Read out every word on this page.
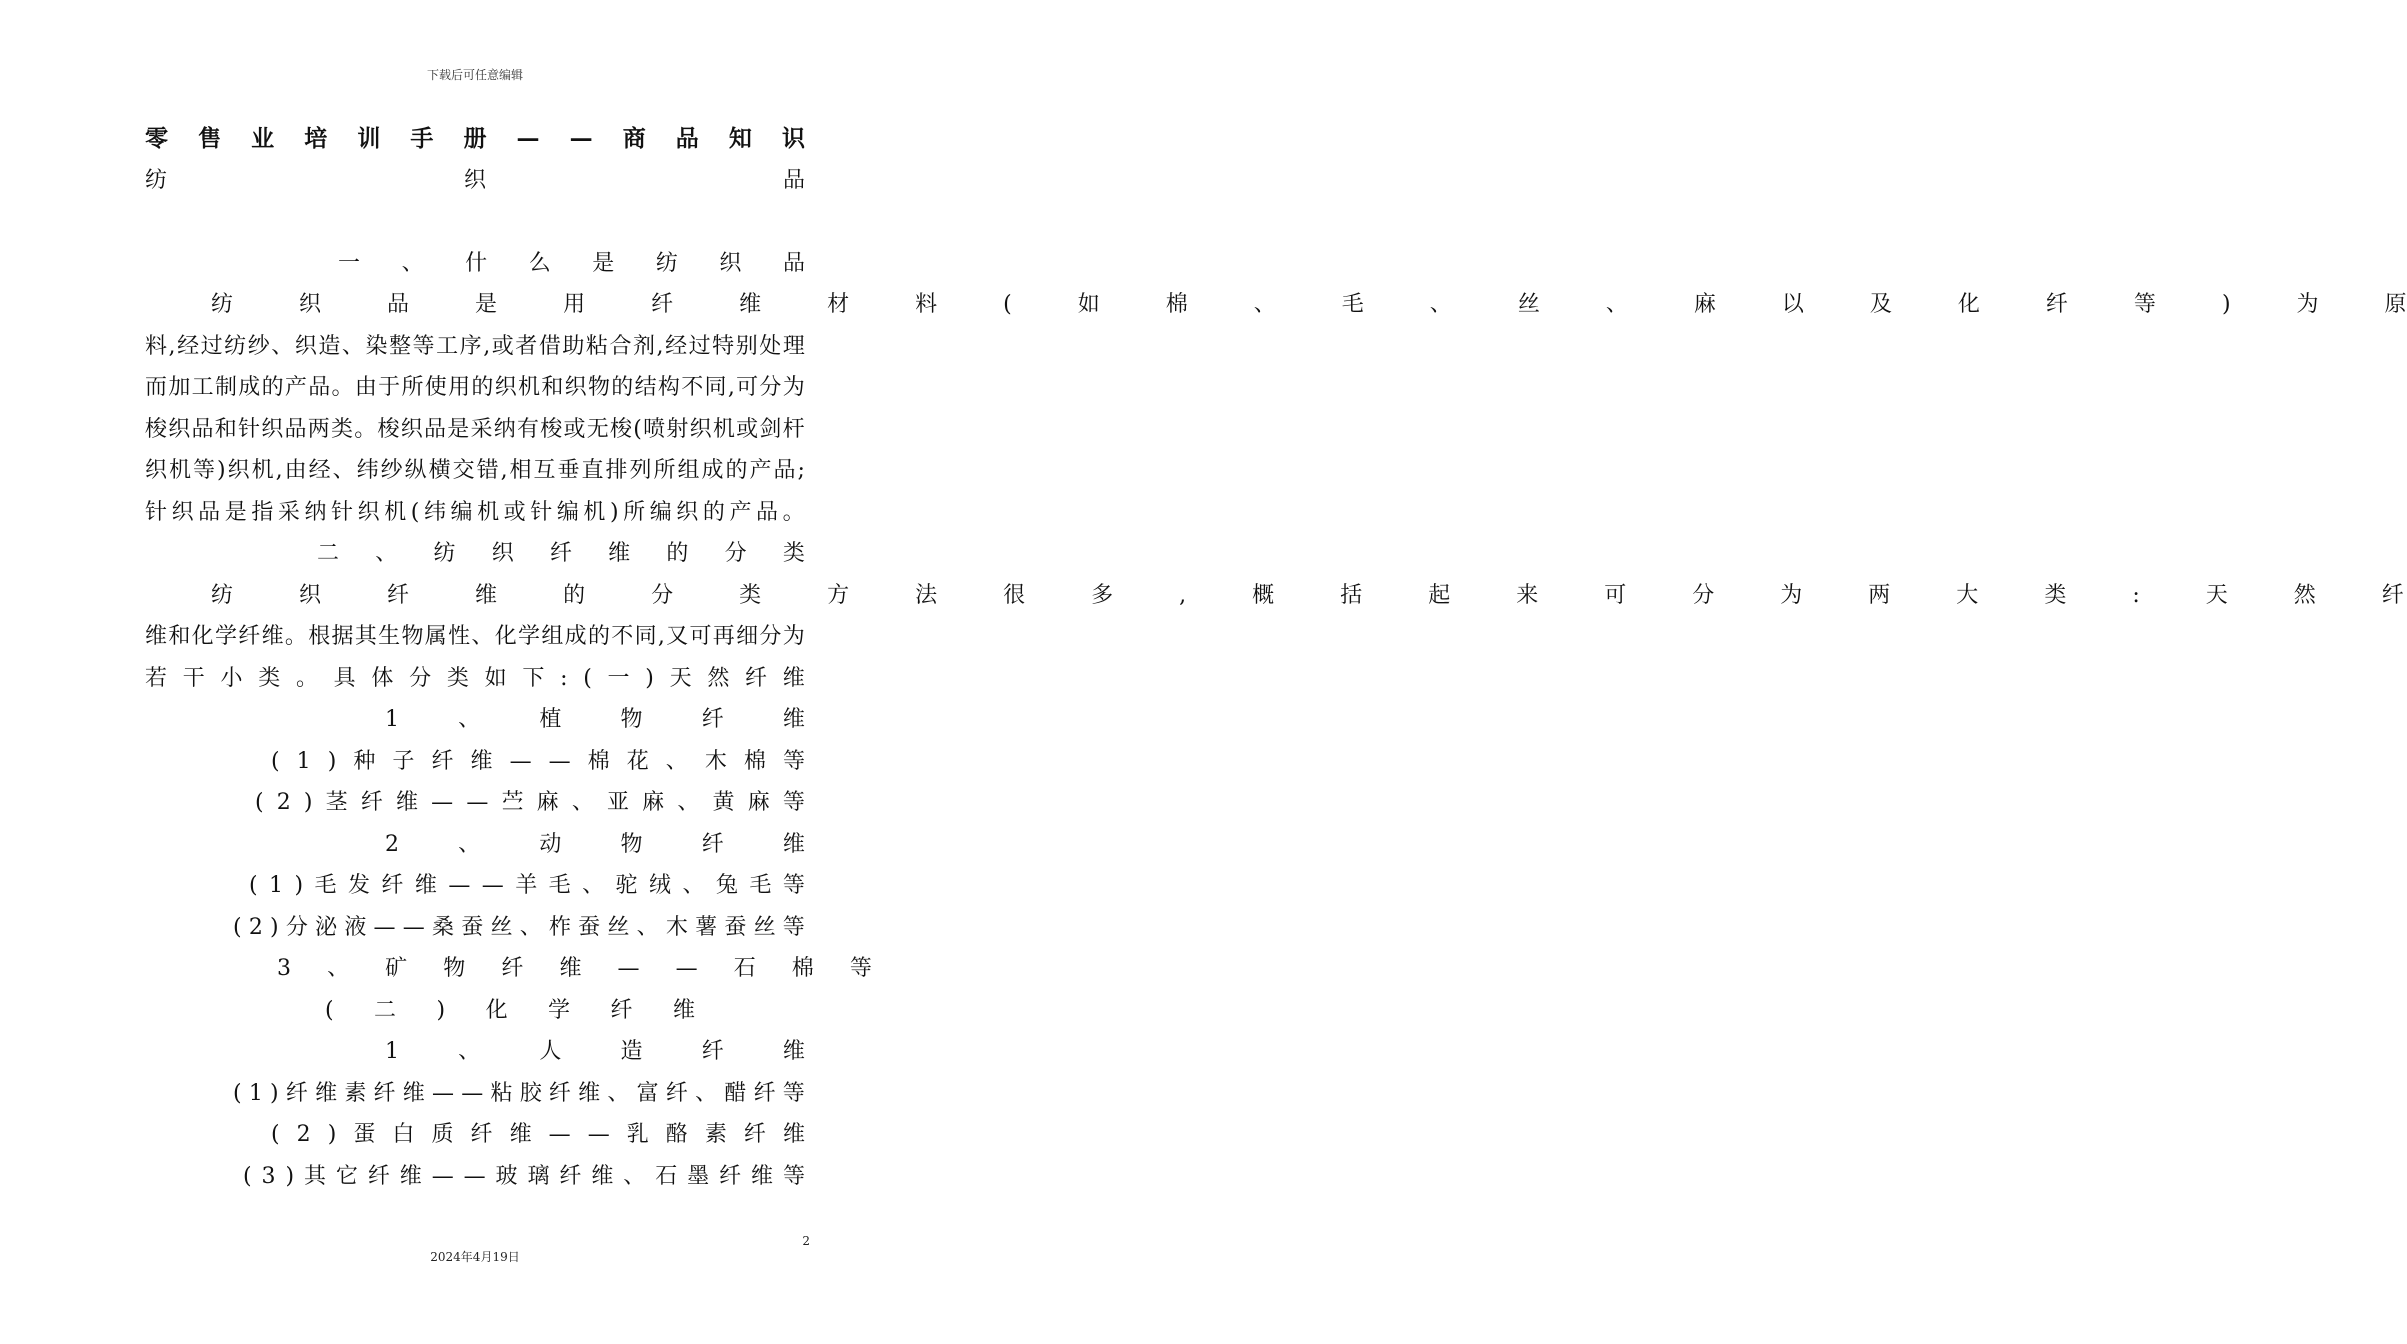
下载后可任意编辑
零 售 业 培 训 手 册 — — 商 品 知 识
纺	织	品
一 、 什 么 是 纺 织 品
纺	织	品	是	用	纤	维	材	料	(	如	棉	、	毛	、	丝	、	麻	以	及	化	纤	等	)	为	原
料 , 经 过 纺 纱 、 织 造 、 染 整 等 工 序 , 或 者 借 助 粘 合 剂 , 经 过 特 别 处 理
而 加 工 制 成 的 产 品 。 由 于 所 使 用 的 织 机 和 织 物 的 结 构 不 同 , 可 分 为
梭 织 品 和 针 织 品 两 类 。 梭 织 品 是 采 纳 有 梭 或 无 梭 ( 喷 射 织 机 或 剑 杆
织 机 等 ) 织 机 , 由 经 、 纬 纱 纵 横 交 错 , 相 互 垂 直 排 列 所 组 成 的 产 品 ;
针 织 品 是 指 采 纳 针 织 机 ( 纬 编 机 或 针 编 机 ) 所 编 织 的 产 品 。
二 、 纺 织 纤 维 的 分 类
纺	织	纤	维	的	分	类	方	法	很	多	,	概	括	起	来	可	分	为	两	大	类	:	天	然	纤
维 和 化 学 纤 维 。 根 据 其 生 物 属 性 、 化 学 组 成 的 不 同 , 又 可 再 细 分 为
若 干 小 类 。 具 体 分 类 如 下 : ( 一 ) 天 然 纤 维
1	、	植	物	纤	维
( 1 ) 种 子 纤 维 — — 棉 花 、 木 棉 等
( 2 ) 茎 纤 维 — — 苎 麻 、 亚 麻 、 黄 麻 等
2	、	动	物	纤	维
( 1 ) 毛 发 纤 维 — — 羊 毛 、 驼 绒 、 兔 毛 等
( 2 ) 分 泌 液 — — 桑 蚕 丝 、 柞 蚕 丝 、 木 薯 蚕 丝 等
3 、 矿 物 纤 维 — — 石 棉 等
( 二 ) 化 学 纤 维
1	、	人	造	纤	维
( 1 ) 纤 维 素 纤 维 — — 粘 胶 纤 维 、 富 纤 、 醋 纤 等
( 2 ) 蛋 白 质 纤 维 — — 乳 酪 素 纤 维
( 3 ) 其 它 纤 维 — — 玻 璃 纤 维 、 石 墨 纤 维 等
2
2024年4月19日
